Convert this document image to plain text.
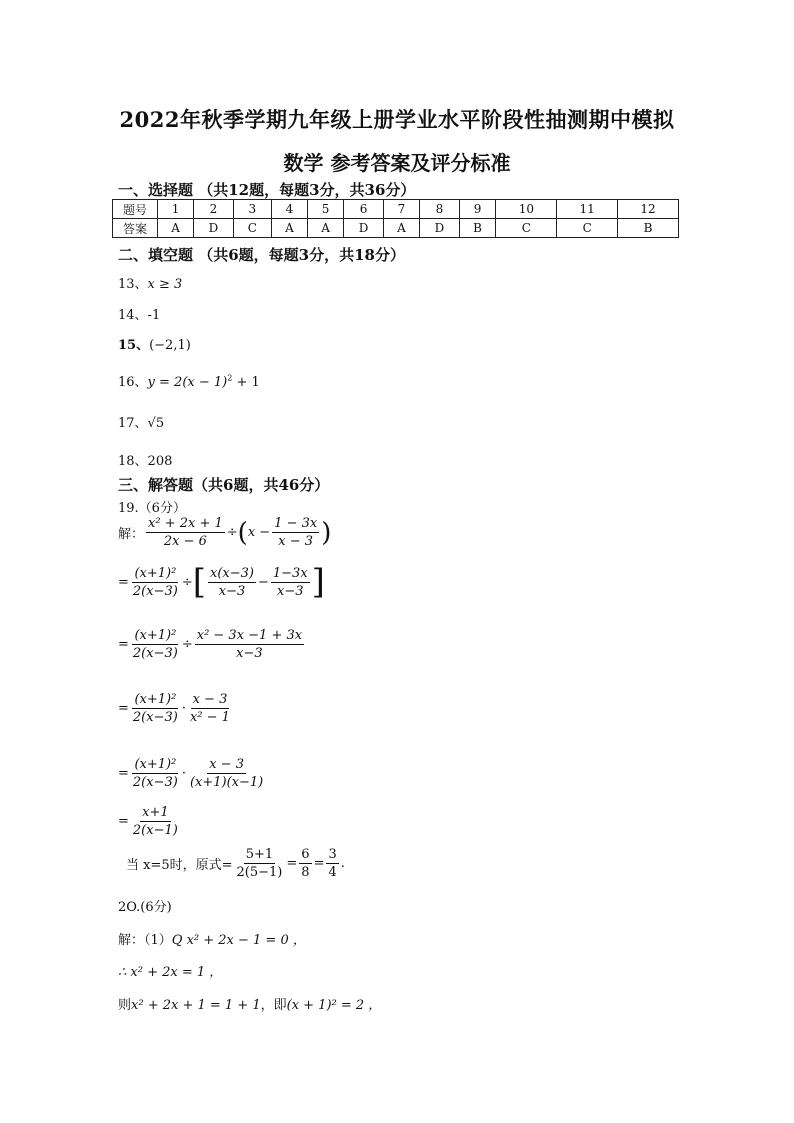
2022年秋季学期九年级上册学业水平阶段性抽测期中模拟
数学 参考答案及评分标准
一、选择题 （共12题，每题3分，共36分）
题号	1	2	3	4	5	6	7	8	9	10	11	12
答案	A	D	C	A	A	D	A	D	B	C	C	B
二、填空题 （共6题，每题3分，共18分）
13、x ≥ 3
14、-1
15、(−2,1)
16、$y = 2(x - 1)^2 + 1$
17、√5
18、208
三、解答题（共6题，共46分）
19.（6分）
解： $\frac{\text{x² + 2x + 1}}{2x - 6}$ ÷ ( $x - \frac{1 - 3x}{x - 3}$ )
= $\frac{\text{(x+1)²}}{2(x-3)}$ ÷ [ $\frac{x(x-3)}{x-3} - \frac{1-3x}{x-3}$ ]
= $\frac{\text{(x+1)²}}{2(x-3)} \div \frac{\text{x² − 3x −1 + 3x}}{x-3}$
= $\frac{\text{(x+1)²}}{2(x-3)} \cdot \frac{x - 3}{\text{x² − 1}}$
= $\frac{\text{(x+1)²}}{2(x-3)} \cdot \frac{x - 3}{(x+1)(x-1)}$
= $\frac{x+1}{2(x-1)}$
当 x=5时，原式= $\frac{5+1}{2(5-1)} = \frac{6}{8} = \frac{3}{4}$ .
2O.(6分)
解：（1）Q x² + 2x − 1 = 0 ，
∴ x² + 2x = 1 ，
则x² + 2x + 1 = 1 + 1，即(x + 1)² = 2 ，
